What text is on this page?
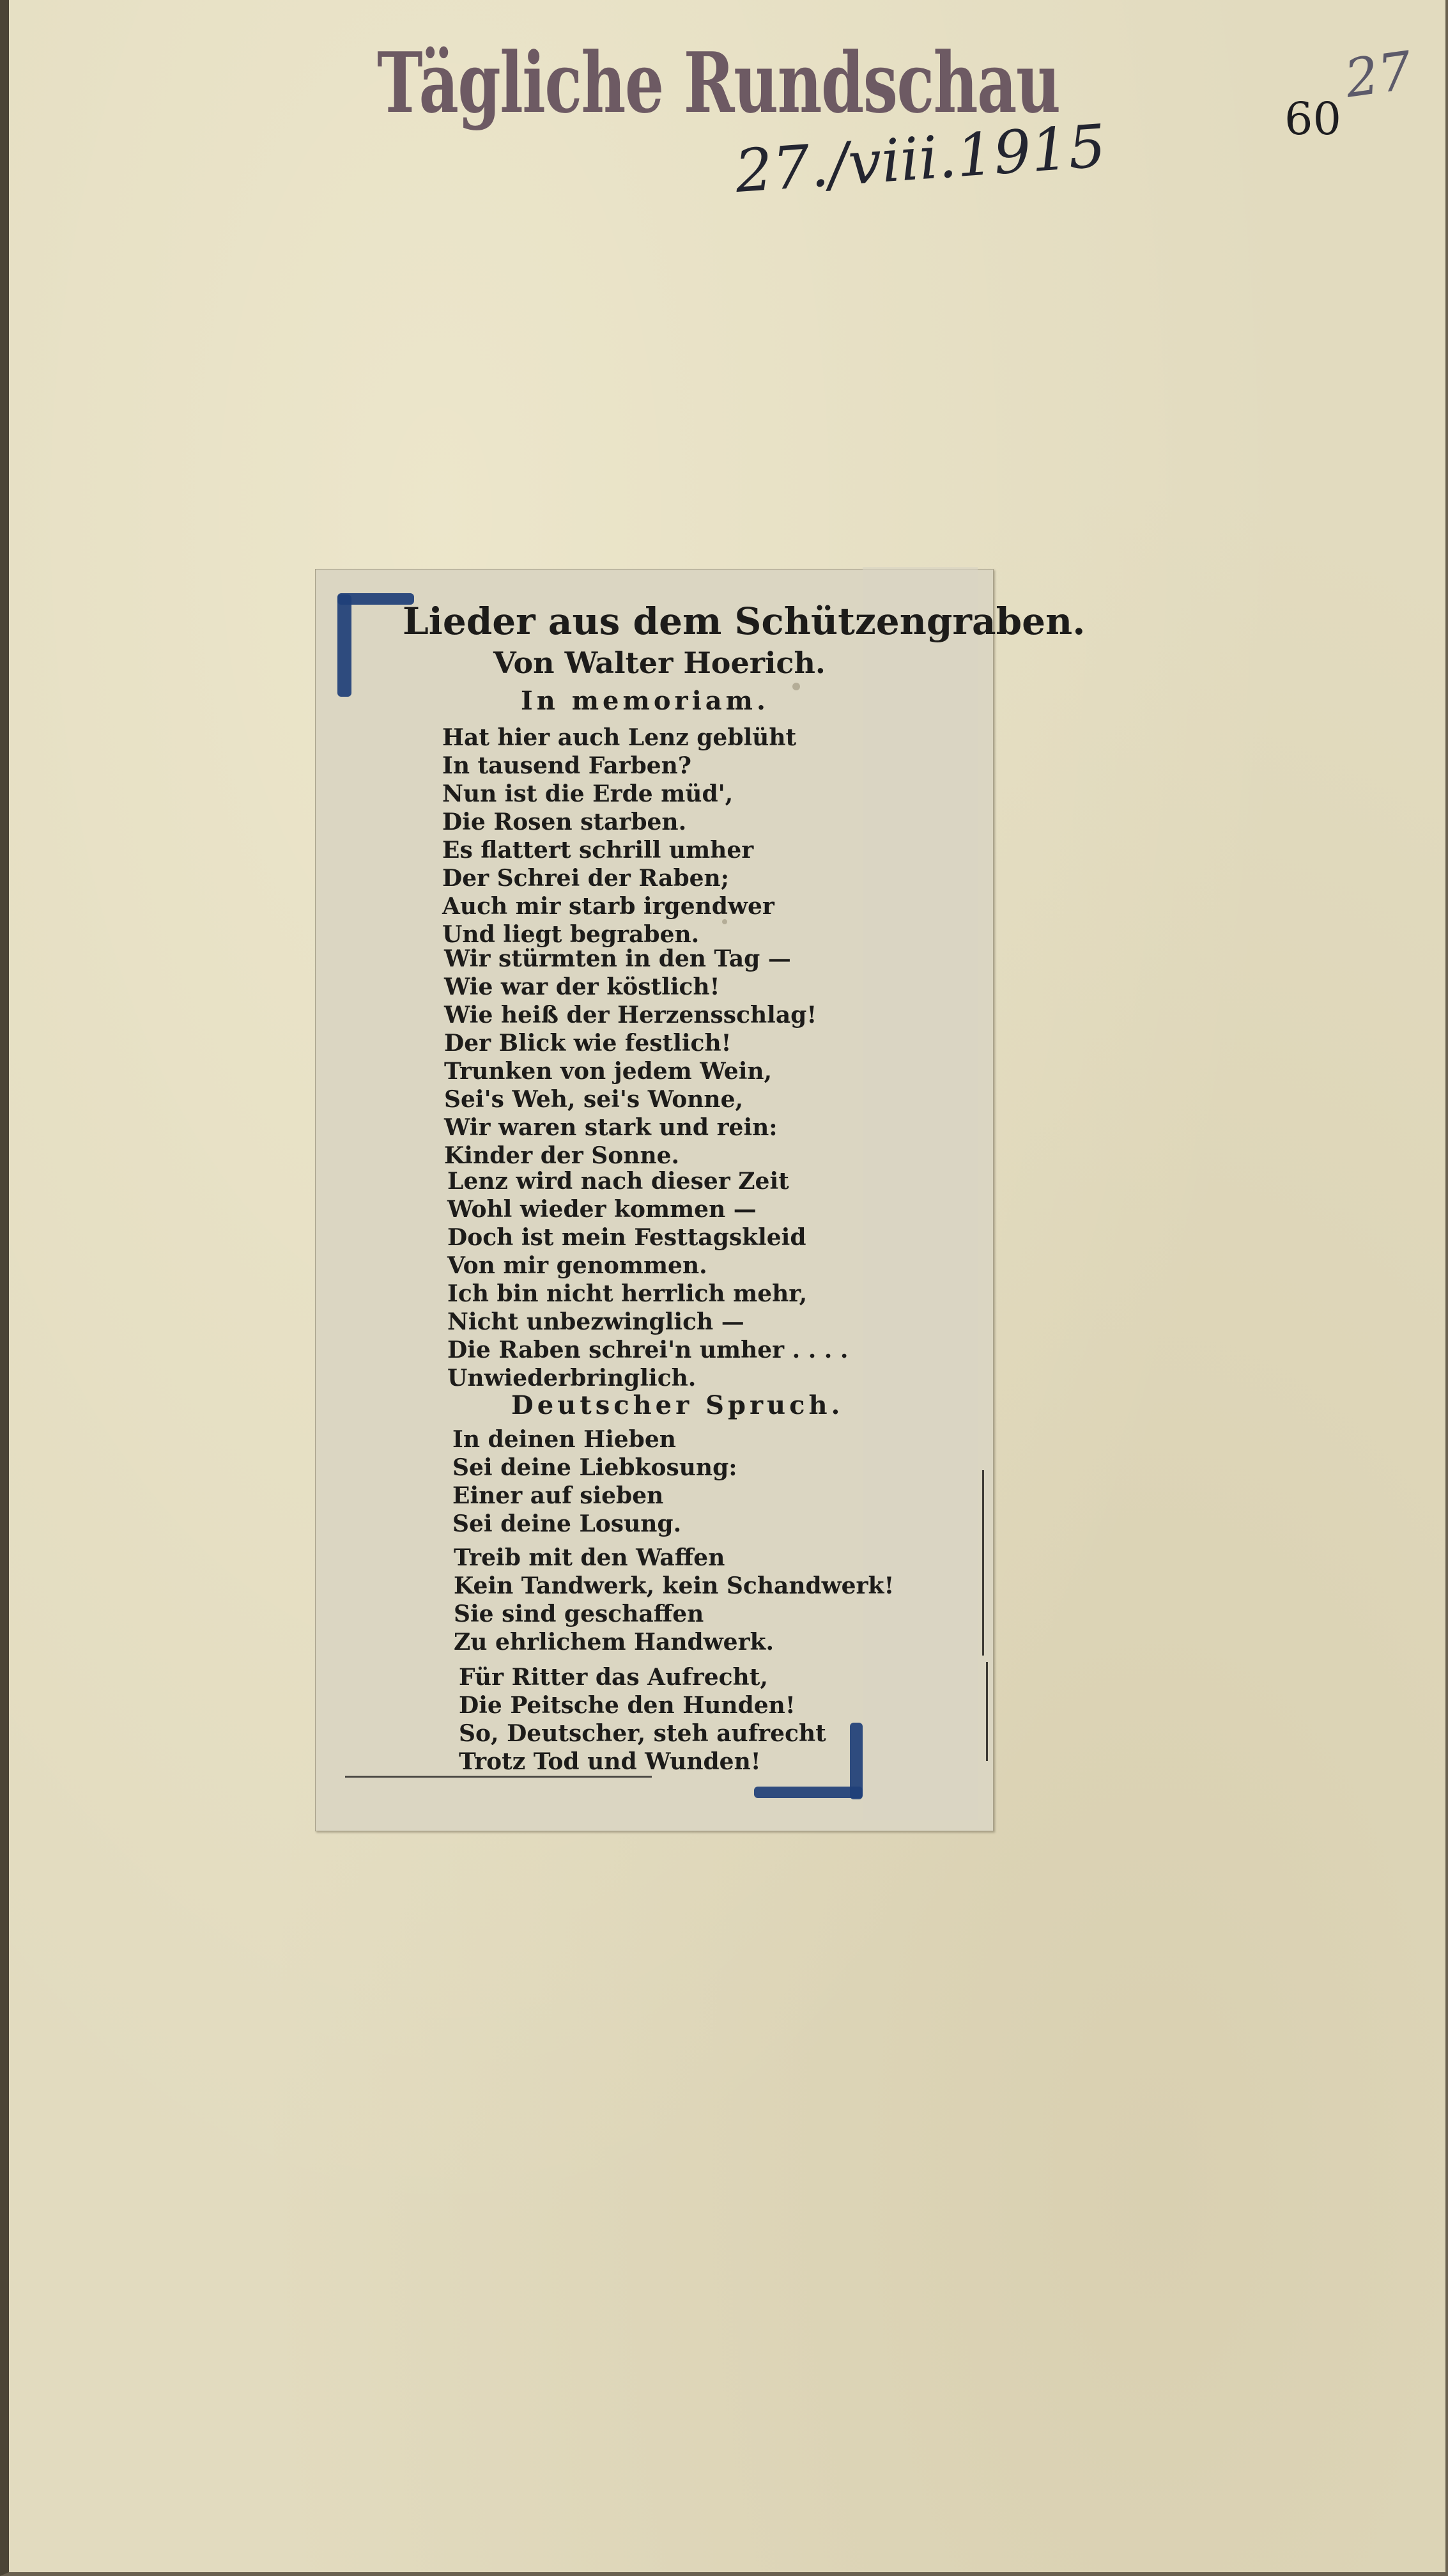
Tägliche Rundschau
27./viii.1915	60
27
Lieder aus dem Schützengraben.
Von Walter Hoerich.
In memoriam.
Hat hier auch Lenz geblüht
In tausend Farben?
Nun ist die Erde müd',
Die Rosen starben.
Es flattert schrill umher
Der Schrei der Raben;
Auch mir starb irgendwer
Und liegt begraben.
Wir stürmten in den Tag —
Wie war der köstlich!
Wie heiß der Herzensschlag!
Der Blick wie festlich!
Trunken von jedem Wein,
Sei's Weh, sei's Wonne,
Wir waren stark und rein:
Kinder der Sonne.
Lenz wird nach dieser Zeit
Wohl wieder kommen —
Doch ist mein Festtagskleid
Von mir genommen.
Ich bin nicht herrlich mehr,
Nicht unbezwinglich —
Die Raben schrei'n umher . . . .
Unwiederbringlich.
Deutscher Spruch.
In deinen Hieben
Sei deine Liebkosung:
Einer auf sieben
Sei deine Losung.
Treib mit den Waffen
Kein Tandwerk, kein Schandwerk!
Sie sind geschaffen
Zu ehrlichem Handwerk.
Für Ritter das Aufrecht,
Die Peitsche den Hunden!
So, Deutscher, steh aufrecht
Trotz Tod und Wunden!
